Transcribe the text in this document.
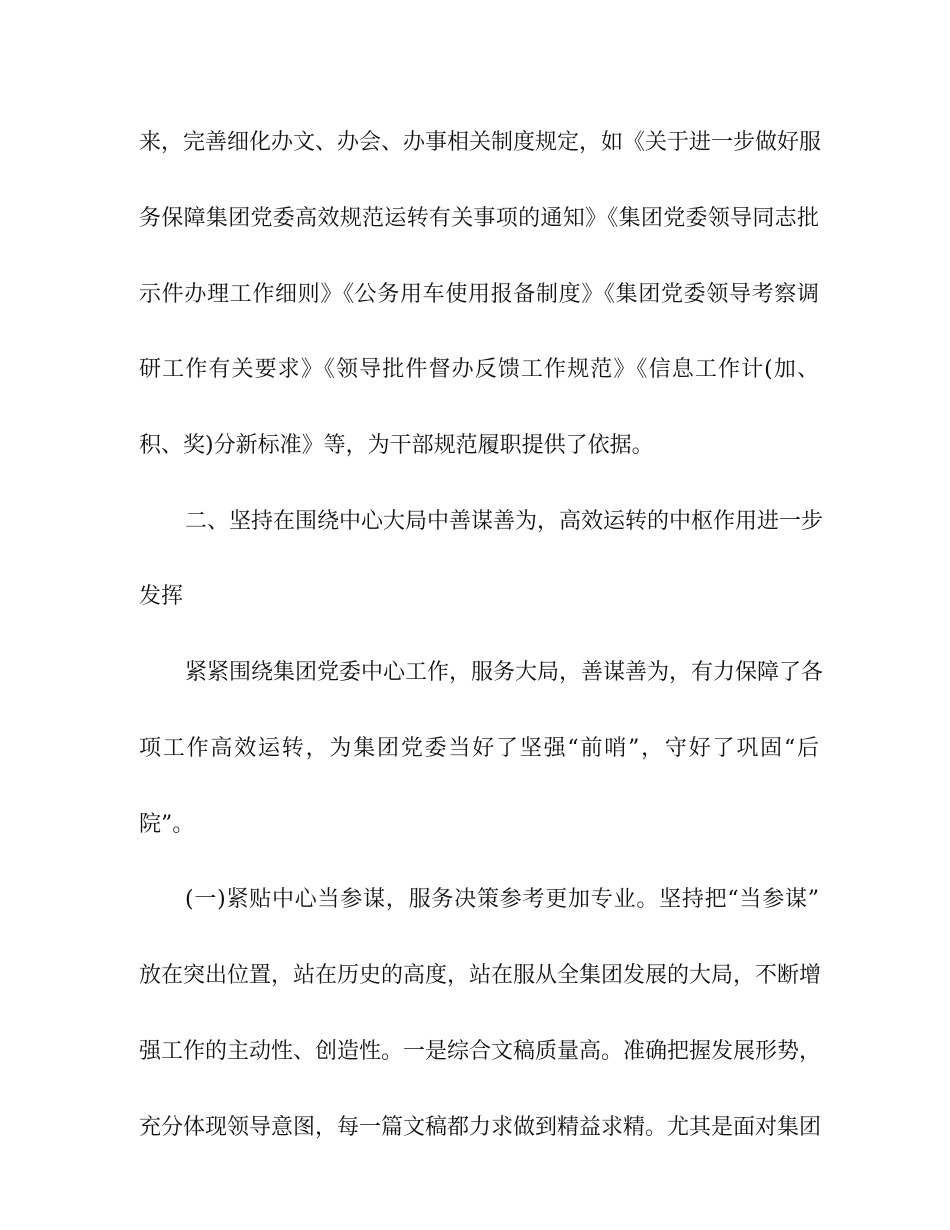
来，完善细化办文、办会、办事相关制度规定，如《关于进一步做好服
务保障集团党委高效规范运转有关事项的通知》《集团党委领导同志批
示件办理工作细则》《公务用车使用报备制度》《集团党委领导考察调
研工作有关要求》《领导批件督办反馈工作规范》《信息工作计(加、
积、奖)分新标准》等，为干部规范履职提供了依据。
二、坚持在围绕中心大局中善谋善为，高效运转的中枢作用进一步
发挥
紧紧围绕集团党委中心工作，服务大局，善谋善为，有力保障了各
项工作高效运转，为集团党委当好了坚强“前哨”，守好了巩固“后
院”。
(一)紧贴中心当参谋，服务决策参考更加专业。坚持把“当参谋”
放在突出位置，站在历史的高度，站在服从全集团发展的大局，不断增
强工作的主动性、创造性。一是综合文稿质量高。准确把握发展形势，
充分体现领导意图，每一篇文稿都力求做到精益求精。尤其是面对集团
